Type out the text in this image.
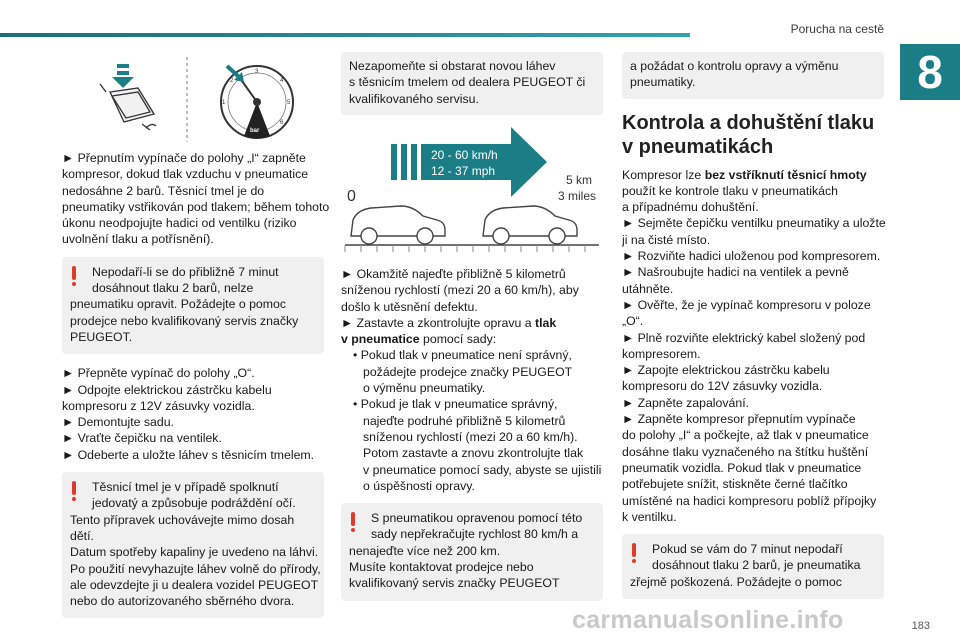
Porucha na cestě
8
1
2
3
4
5
6
bar
► Přepnutím vypínače do polohy „I“ zapněte
kompresor, dokud tlak vzduchu v pneumatice
nedosáhne 2 barů. Těsnicí tmel je do
pneumatiky vstřikován pod tlakem; během tohoto
úkonu neodpojujte hadici od ventilku (riziko
uvolnění tlaku a potřísnění).
Nepodaří-li se do přibližně 7 minut
dosáhnout tlaku 2 barů, nelze
pneumatiku opravit. Požádejte o pomoc
prodejce nebo kvalifikovaný servis značky
PEUGEOT.
► Přepněte vypínač do polohy „O“.
► Odpojte elektrickou zástrčku kabelu
kompresoru z 12V zásuvky vozidla.
► Demontujte sadu.
► Vraťte čepičku na ventilek.
► Odeberte a uložte láhev s těsnicím tmelem.
Těsnicí tmel je v případě spolknutí
jedovatý a způsobuje podráždění očí.
Tento přípravek uchovávejte mimo dosah
dětí.
Datum spotřeby kapaliny je uvedeno na láhvi.
Po použití nevyhazujte láhev volně do přírody,
ale odevzdejte ji u dealera vozidel PEUGEOT
nebo do autorizovaného sběrného dvora.
Nezapomeňte si obstarat novou láhev
s těsnicím tmelem od dealera PEUGEOT či
kvalifikovaného servisu.
20 - 60 km/h
12 - 37 mph
0
5 km
3 miles
► Okamžitě najeďte přibližně 5 kilometrů
sníženou rychlostí (mezi 20 a 60 km/h), aby
došlo k utěsnění defektu.
► Zastavte a zkontrolujte opravu a tlak
v pneumatice pomocí sady:
• Pokud tlak v pneumatice není správný,
požádejte prodejce značky PEUGEOT
o výměnu pneumatiky.
• Pokud je tlak v pneumatice správný,
najeďte podruhé přibližně 5 kilometrů
sníženou rychlostí (mezi 20 a 60 km/h).
Potom zastavte a znovu zkontrolujte tlak
v pneumatice pomocí sady, abyste se ujistili
o úspěšnosti opravy.
S pneumatikou opravenou pomocí této
sady nepřekračujte rychlost 80 km/h a
nenajeďte více než 200 km.
Musíte kontaktovat prodejce nebo
kvalifikovaný servis značky PEUGEOT
a požádat o kontrolu opravy a výměnu
pneumatiky.
Kontrola a dohuštění tlaku
v pneumatikách
Kompresor lze bez vstříknutí těsnicí hmoty
použít ke kontrole tlaku v pneumatikách
a případnému dohuštění.
► Sejměte čepičku ventilku pneumatiky a uložte
ji na čisté místo.
► Rozviňte hadici uloženou pod kompresorem.
► Našroubujte hadici na ventilek a pevně
utáhněte.
► Ověřte, že je vypínač kompresoru v poloze
„O“.
► Plně rozviňte elektrický kabel složený pod
kompresorem.
► Zapojte elektrickou zástrčku kabelu
kompresoru do 12V zásuvky vozidla.
► Zapněte zapalování.
► Zapněte kompresor přepnutím vypínače
do polohy „I“ a počkejte, až tlak v pneumatice
dosáhne tlaku vyznačeného na štítku huštění
pneumatik vozidla. Pokud tlak v pneumatice
potřebujete snížit, stiskněte černé tlačítko
umístěné na hadici kompresoru poblíž přípojky
k ventilku.
Pokud se vám do 7 minut nepodaří
dosáhnout tlaku 2 barů, je pneumatika
zřejmě poškozená. Požádejte o pomoc
183
carmanualsonline.info
